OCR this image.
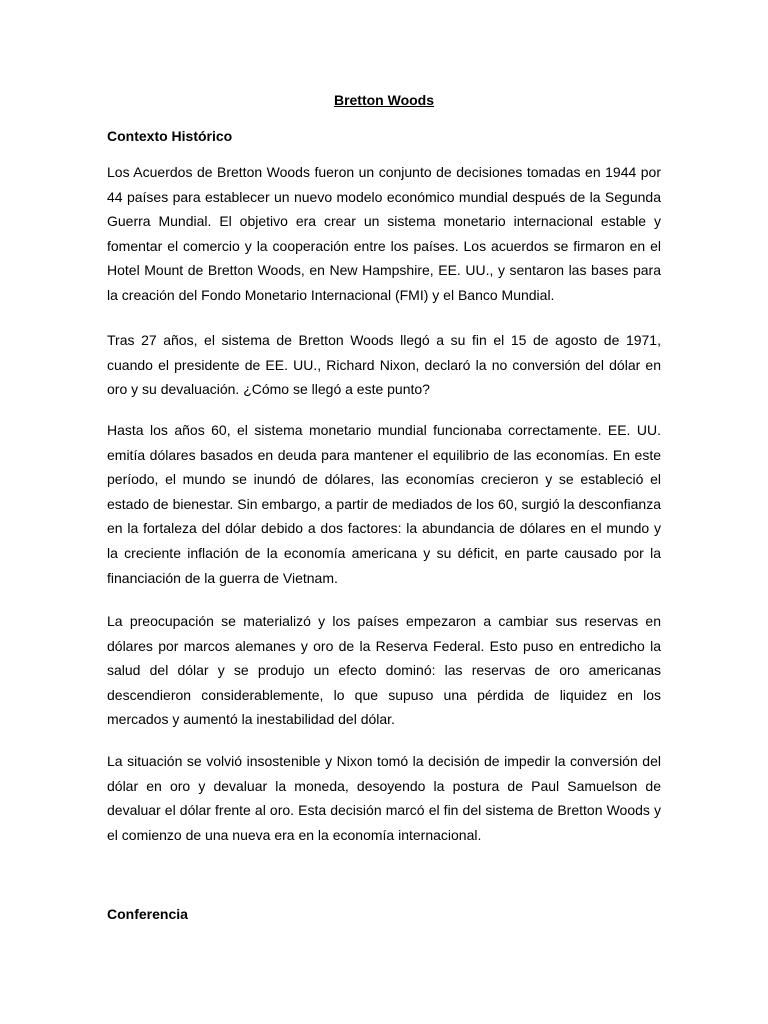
Bretton Woods
Contexto Histórico

Los Acuerdos de Bretton Woods fueron un conjunto de decisiones tomadas en 1944 por 44 países para establecer un nuevo modelo económico mundial después de la Segunda Guerra Mundial. El objetivo era crear un sistema monetario internacional estable y fomentar el comercio y la cooperación entre los países. Los acuerdos se firmaron en el Hotel Mount de Bretton Woods, en New Hampshire, EE. UU., y sentaron las bases para la creación del Fondo Monetario Internacional (FMI) y el Banco Mundial.

Tras 27 años, el sistema de Bretton Woods llegó a su fin el 15 de agosto de 1971, cuando el presidente de EE. UU., Richard Nixon, declaró la no conversión del dólar en oro y su devaluación. ¿Cómo se llegó a este punto?

Hasta los años 60, el sistema monetario mundial funcionaba correctamente. EE. UU. emitía dólares basados en deuda para mantener el equilibrio de las economías. En este período, el mundo se inundó de dólares, las economías crecieron y se estableció el estado de bienestar. Sin embargo, a partir de mediados de los 60, surgió la desconfianza en la fortaleza del dólar debido a dos factores: la abundancia de dólares en el mundo y la creciente inflación de la economía americana y su déficit, en parte causado por la financiación de la guerra de Vietnam.

La preocupación se materializó y los países empezaron a cambiar sus reservas en dólares por marcos alemanes y oro de la Reserva Federal. Esto puso en entredicho la salud del dólar y se produjo un efecto dominó: las reservas de oro americanas descendieron considerablemente, lo que supuso una pérdida de liquidez en los mercados y aumentó la inestabilidad del dólar.

La situación se volvió insostenible y Nixon tomó la decisión de impedir la conversión del dólar en oro y devaluar la moneda, desoyendo la postura de Paul Samuelson de devaluar el dólar frente al oro. Esta decisión marcó el fin del sistema de Bretton Woods y el comienzo de una nueva era en la economía internacional.

Conferencia
